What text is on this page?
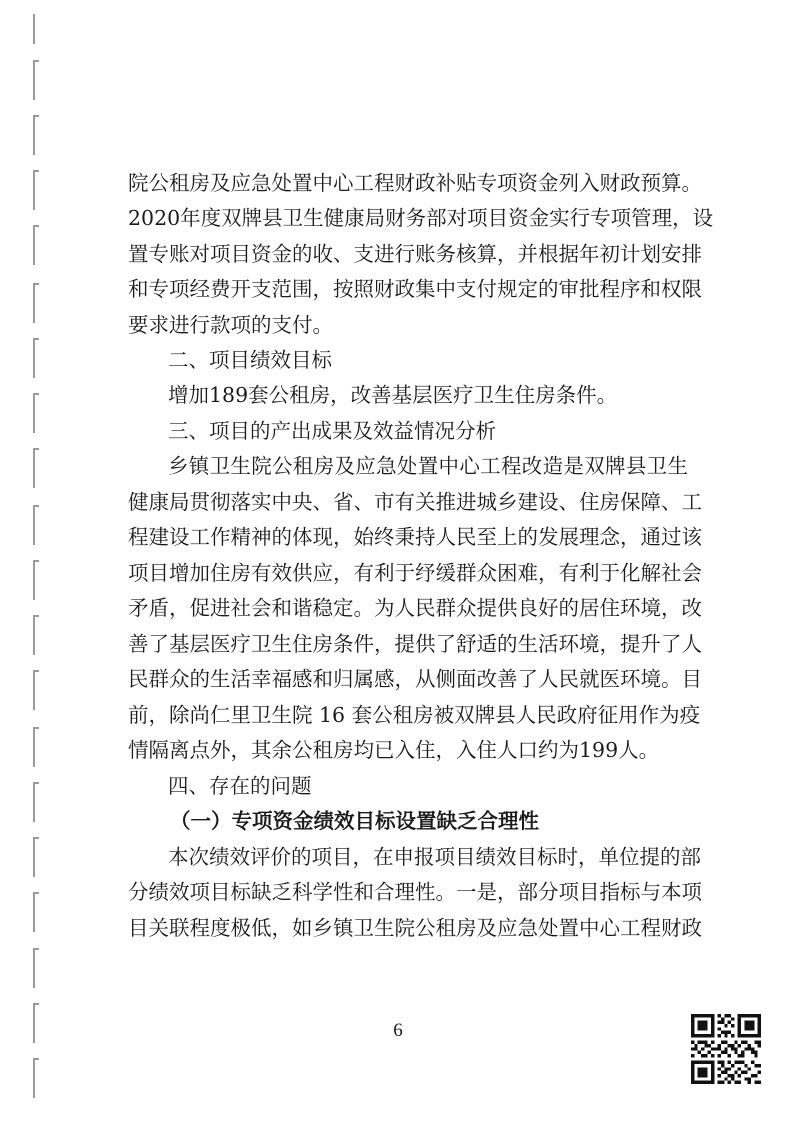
院公租房及应急处置中心工程财政补贴专项资金列入财政预算。
2020年度双牌县卫生健康局财务部对项目资金实行专项管理，设
置专账对项目资金的收、支进行账务核算，并根据年初计划安排
和专项经费开支范围，按照财政集中支付规定的审批程序和权限
要求进行款项的支付。
二、项目绩效目标
增加189套公租房，改善基层医疗卫生住房条件。
三、项目的产出成果及效益情况分析
乡镇卫生院公租房及应急处置中心工程改造是双牌县卫生
健康局贯彻落实中央、省、市有关推进城乡建设、住房保障、工
程建设工作精神的体现，始终秉持人民至上的发展理念，通过该
项目增加住房有效供应，有利于纾缓群众困难，有利于化解社会
矛盾，促进社会和谐稳定。为人民群众提供良好的居住环境，改
善了基层医疗卫生住房条件，提供了舒适的生活环境，提升了人
民群众的生活幸福感和归属感，从侧面改善了人民就医环境。目
前，除尚仁里卫生院 16 套公租房被双牌县人民政府征用作为疫
情隔离点外，其余公租房均已入住，入住人口约为199人。
四、存在的问题
（一）专项资金绩效目标设置缺乏合理性
本次绩效评价的项目，在申报项目绩效目标时，单位提的部
分绩效项目标缺乏科学性和合理性。一是，部分项目指标与本项
目关联程度极低，如乡镇卫生院公租房及应急处置中心工程财政
6
